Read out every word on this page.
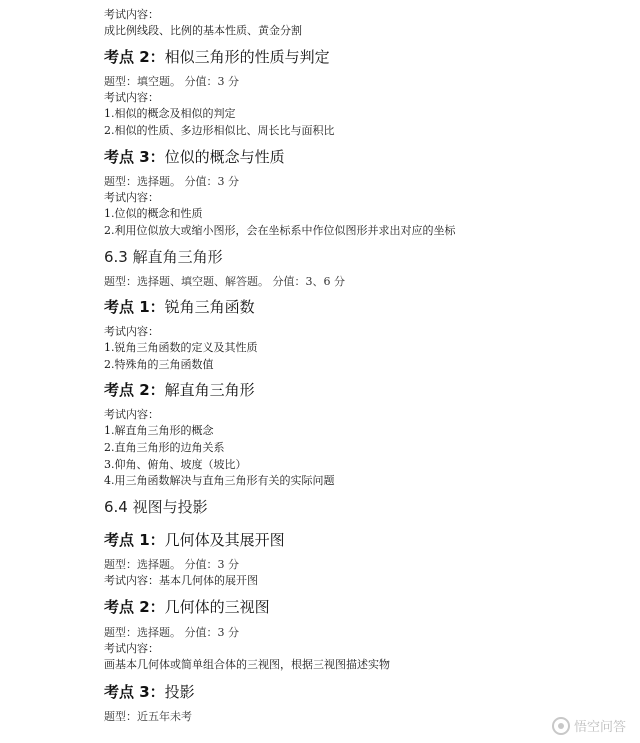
考试内容：
成比例线段、比例的基本性质、黄金分割
考点 2：相似三角形的性质与判定
题型：填空题。 分值：3 分
考试内容：
1.相似的概念及相似的判定
2.相似的性质、多边形相似比、周长比与面积比
考点 3：位似的概念与性质
题型：选择题。 分值：3 分
考试内容：
1.位似的概念和性质
2.利用位似放大或缩小图形，会在坐标系中作位似图形并求出对应的坐标
6.3 解直角三角形
题型：选择题、填空题、解答题。 分值：3、6 分
考点 1：锐角三角函数
考试内容：
1.锐角三角函数的定义及其性质
2.特殊角的三角函数值
考点 2：解直角三角形
考试内容：
1.解直角三角形的概念
2.直角三角形的边角关系
3.仰角、俯角、坡度（坡比）
4.用三角函数解决与直角三角形有关的实际问题
6.4 视图与投影
考点 1：几何体及其展开图
题型：选择题。 分值：3 分
考试内容：基本几何体的展开图
考点 2：几何体的三视图
题型：选择题。 分值：3 分
考试内容：
画基本几何体或简单组合体的三视图，根据三视图描述实物
考点 3：投影
题型：近五年未考
悟空问答
